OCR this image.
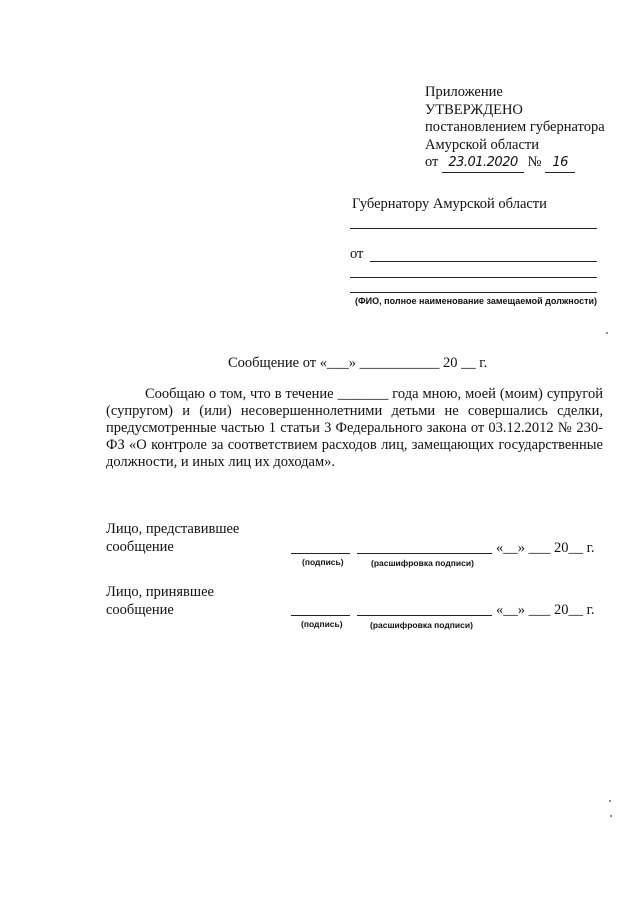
Приложение
УТВЕРЖДЕНО
постановлением губернатора
Амурской области
от 23.01.2020 № 16
Губернатору Амурской области
от
(ФИО, полное наименование замещаемой должности)
Сообщение от «___» ___________ 20 __ г.
Сообщаю о том, что в течение _______ года мною, моей (моим) супругой (супругом) и (или) несовершеннолетними детьми не совершались сделки, предусмотренные частью 1 статьи 3 Федерального закона от 03.12.2012 № 230-ФЗ «О контроле за соответствием расходов лиц, замещающих государственные должности, и иных лиц их доходам».
Лицо, представившее
сообщение	«__» ___ 20__ г.
(подпись)	(расшифровка подписи)
Лицо, принявшее
сообщение	«__» ___ 20__ г.
(подпись)	(расшифровка подписи)
